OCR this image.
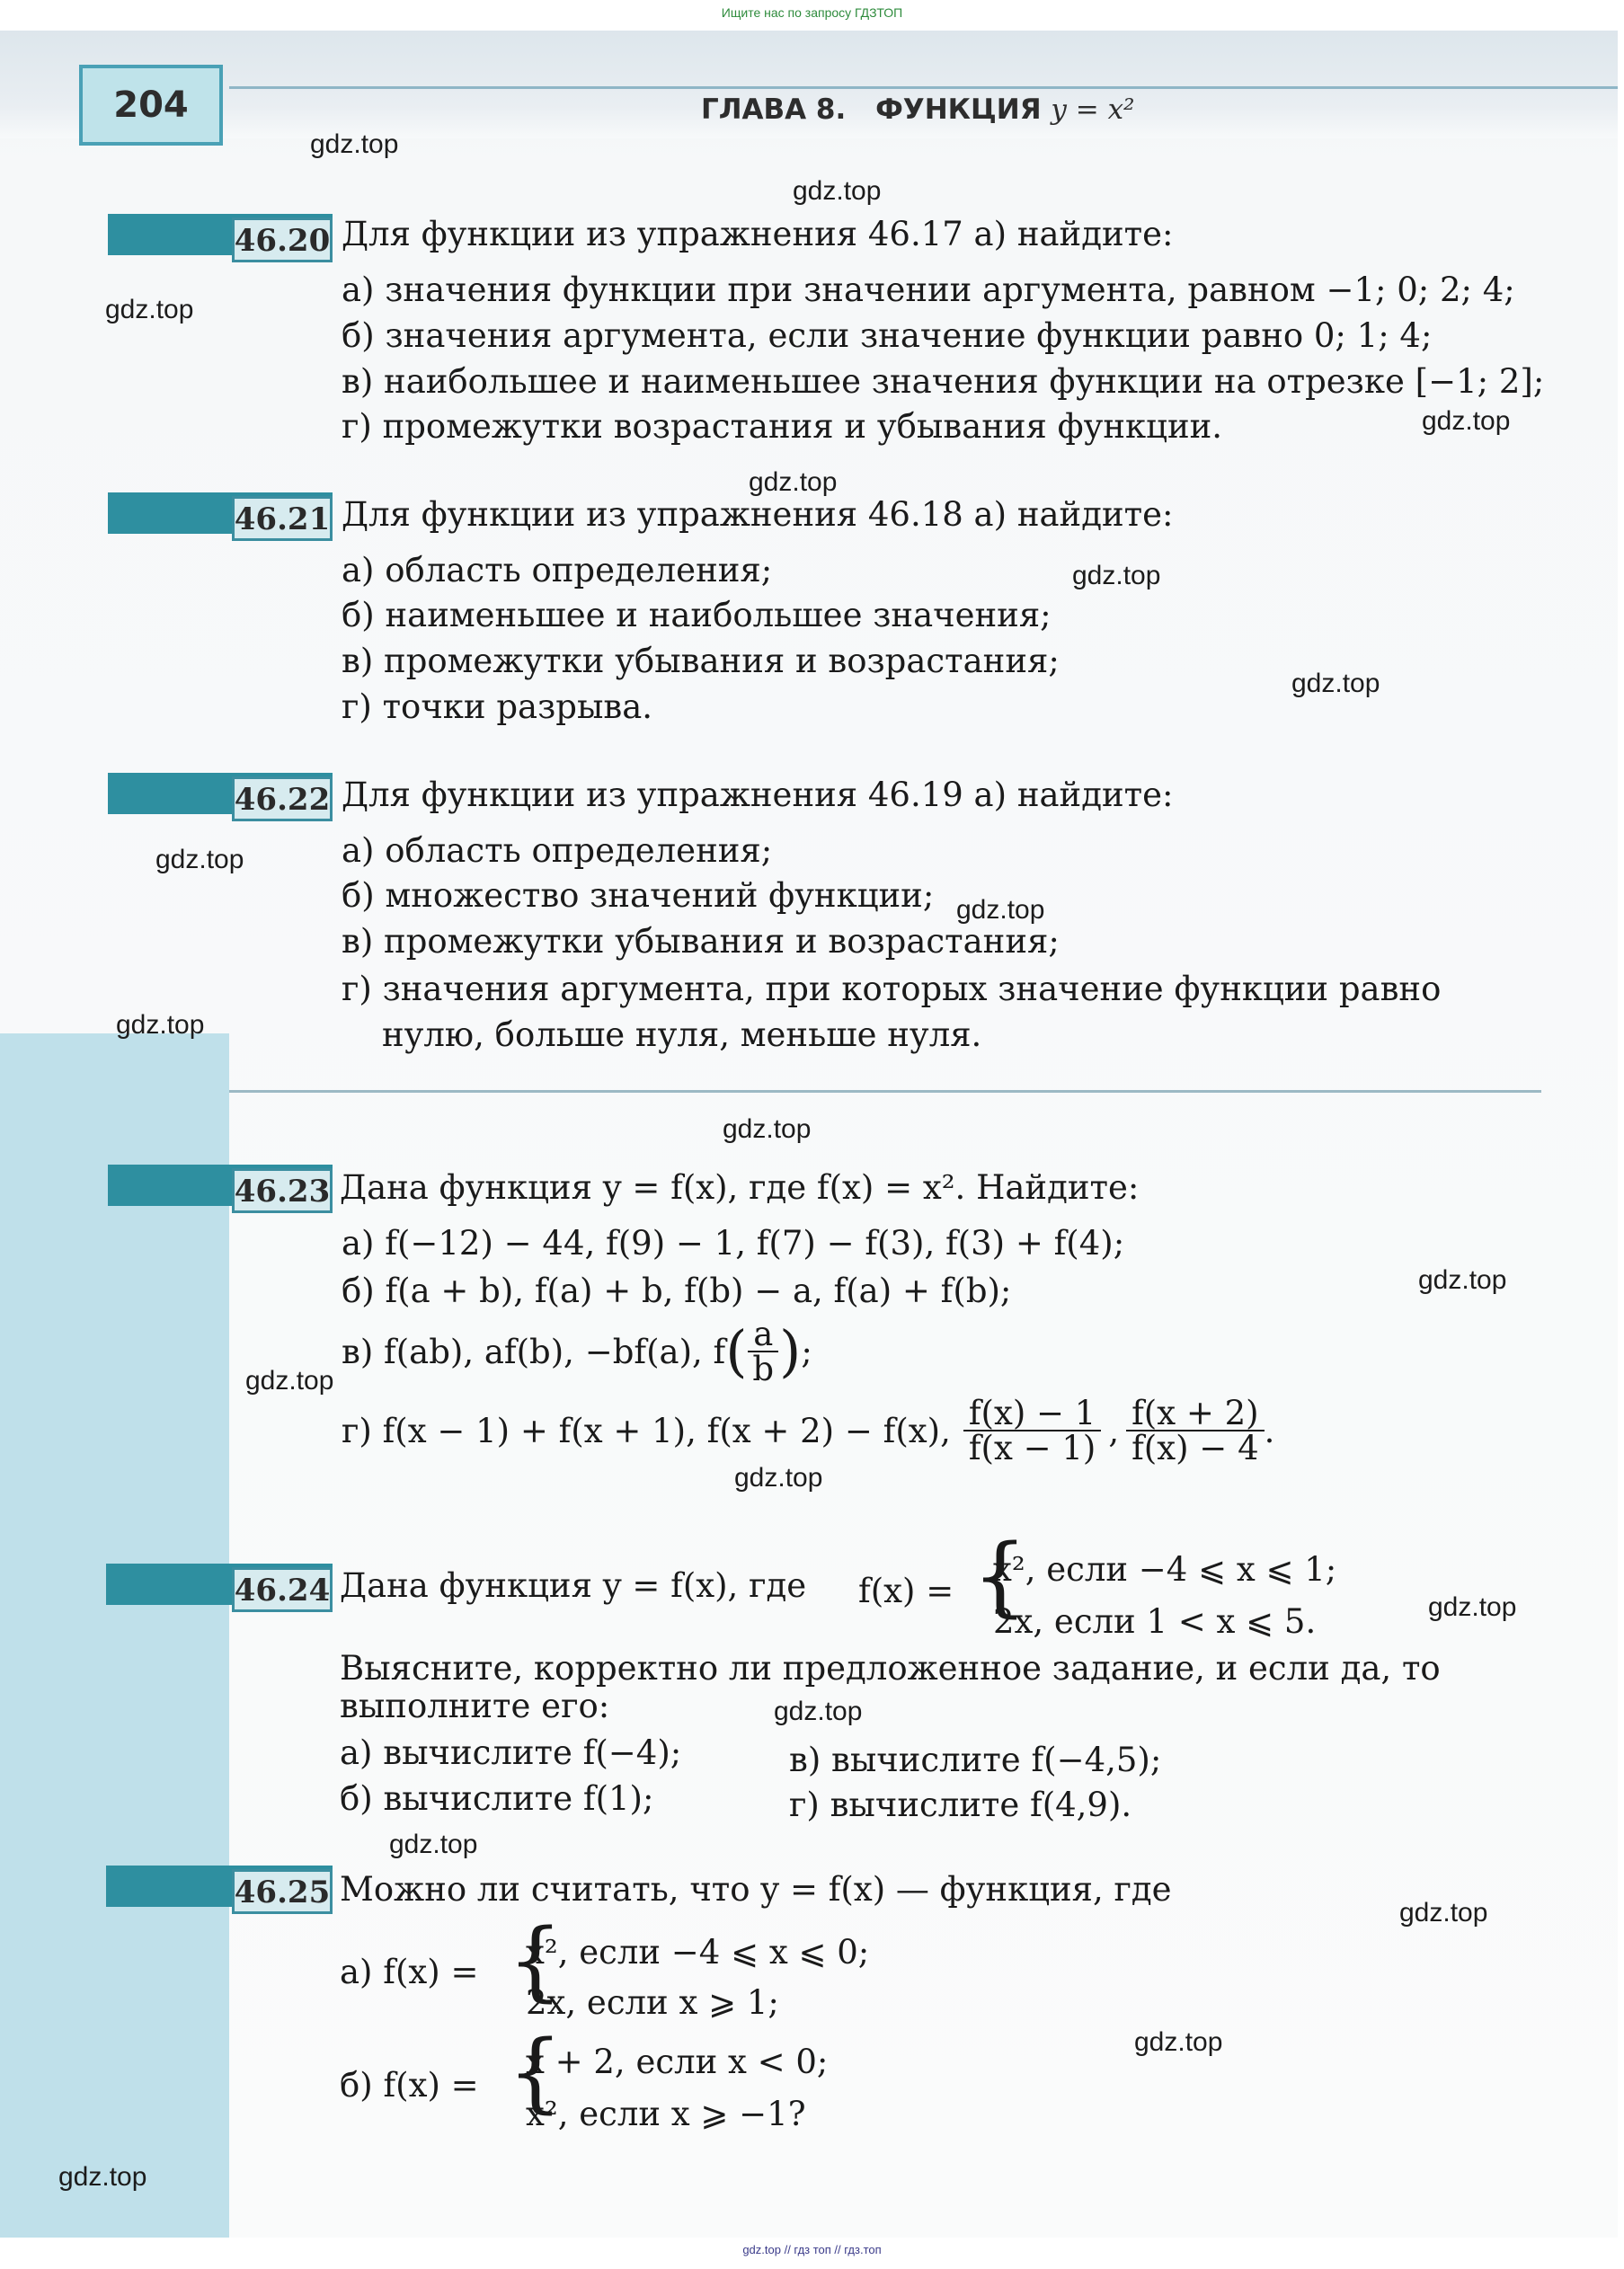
Ищите нас по запросу ГДЗТОП
204	ГЛАВА 8. ФУНКЦИЯ y = x²
46.20 Для функции из упражнения 46.17 а) найдите:
а) значения функции при значении аргумента, равном −1; 0; 2; 4;
б) значения аргумента, если значение функции равно 0; 1; 4;
в) наибольшее и наименьшее значения функции на отрезке [−1; 2];
г) промежутки возрастания и убывания функции.
46.21 Для функции из упражнения 46.18 а) найдите:
а) область определения;
б) наименьшее и наибольшее значения;
в) промежутки убывания и возрастания;
г) точки разрыва.
46.22 Для функции из упражнения 46.19 а) найдите:
а) область определения;
б) множество значений функции;
в) промежутки убывания и возрастания;
г) значения аргумента, при которых значение функции равно
нулю, больше нуля, меньше нуля.
46.23 Дана функция y = f(x), где f(x) = x². Найдите:
а) f(−12) − 44, f(9) − 1, f(7) − f(3), f(3) + f(4);
б) f(a + b), f(a) + b, f(b) − a, f(a) + f(b);
в) f(ab), af(b), −bf(a), f ( $\frac{a}{b}$ ) ;
г) f(x − 1) + f(x + 1), f(x + 2) − f(x), $\frac{f(x) - 1}{f(x - 1)}$ , $\frac{f(x + 2)}{f(x) - 4}$ .
46.24 Дана функция y = f(x), где f(x) = {
x², если −4 ⩽ x ⩽ 1;
2x, если 1 < x ⩽ 5.
Выясните, корректно ли предложенное задание, и если да, то
выполните его:
а) вычислите f(−4);
б) вычислите f(1);
в) вычислите f(−4,5);
г) вычислите f(4,9).
46.25 Можно ли считать, что y = f(x) — функция, где
а) f(x) = {
x², если −4 ⩽ x ⩽ 0;
2x, если x ⩾ 1;
б) f(x) = {
x + 2, если x < 0;
x², если x ⩾ −1?
gdz.top
gdz.top
gdz.top
gdz.top
gdz.top
gdz.top
gdz.top
gdz.top
gdz.top
gdz.top
gdz.top
gdz.top
gdz.top
gdz.top
gdz.top
gdz.top
gdz.top
gdz.top
gdz.top
gdz.top
gdz.top // гдз топ // гдз.топ
